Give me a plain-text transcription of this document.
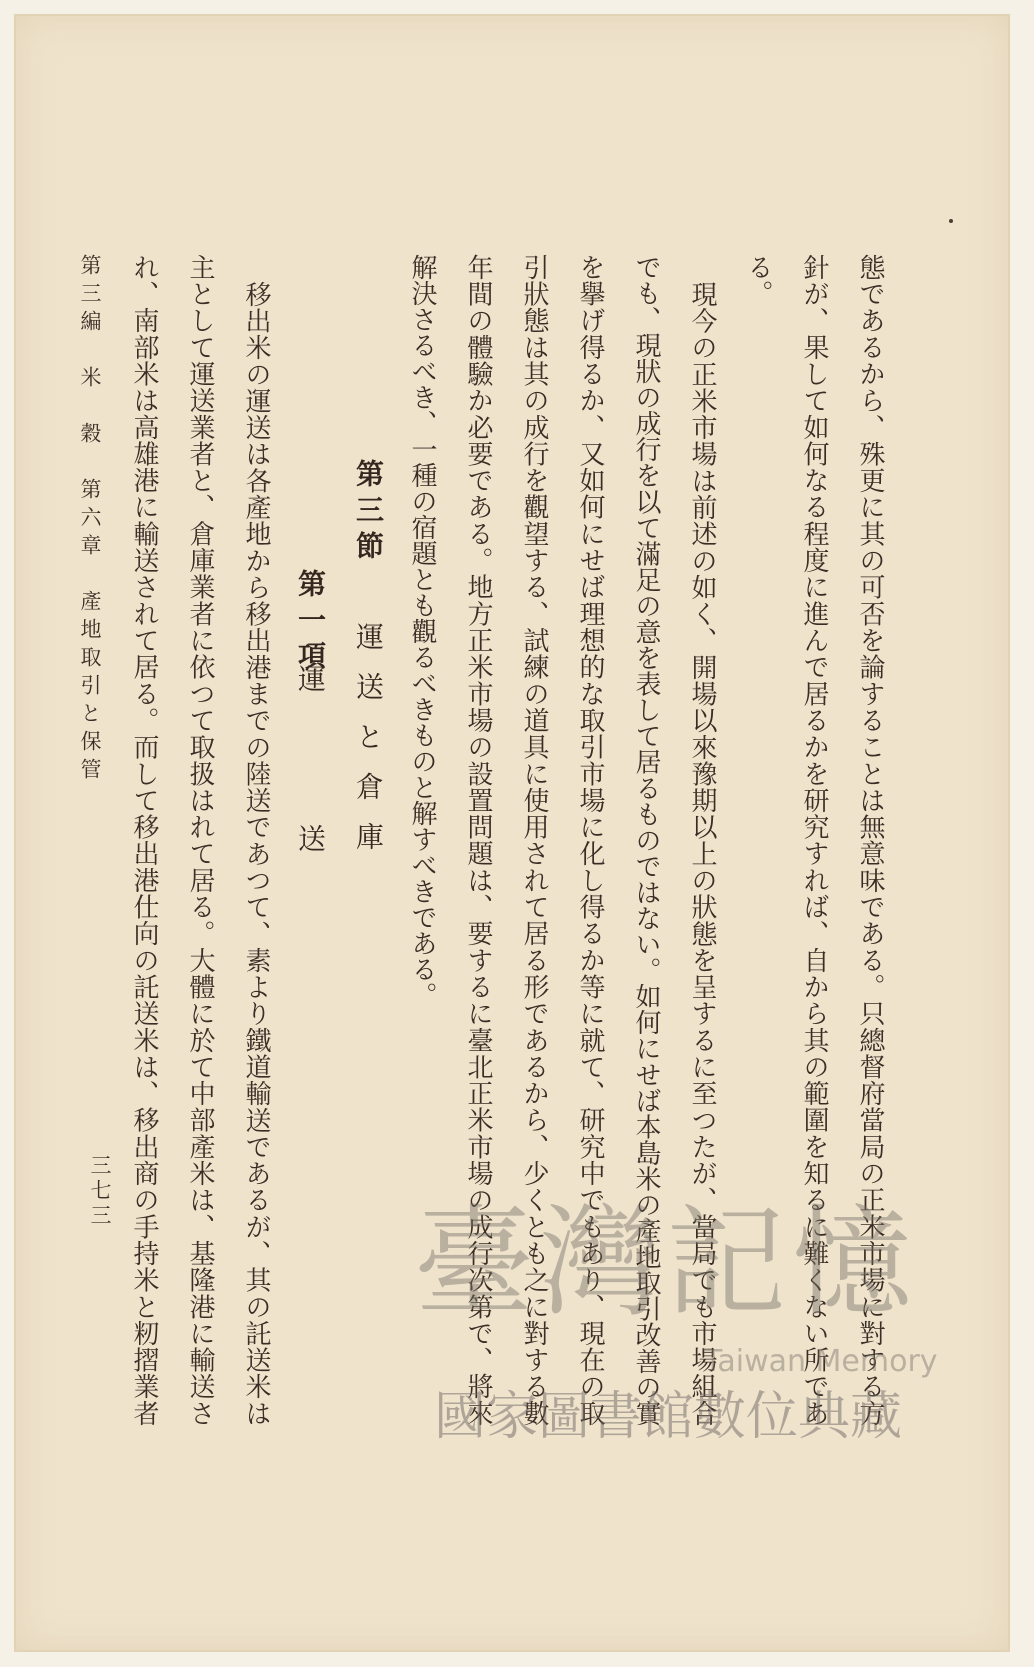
態であるから、殊更に其の可否を論することは無意味である。只總督府當局の正米市場に對する方
針が、果して如何なる程度に進んで居るかを研究すれば、自から其の範圍を知るに難くない所であ
る。
現今の正米市場は前述の如く、開場以來豫期以上の狀態を呈するに至つたが、當局でも市場組合
でも、現狀の成行を以て滿足の意を表して居るものではない。如何にせば本島米の產地取引改善の實
を擧げ得るか、又如何にせば理想的な取引市場に化し得るか等に就て、研究中でもあり、現在の取
引狀態は其の成行を觀望する、試練の道具に使用されて居る形であるから、少くとも之に對する數
年間の體驗か必要である。地方正米市場の設置問題は、要するに臺北正米市場の成行次第で、將來
解決さるべき、一種の宿題とも觀るべきものと解すべきである。
第三節
運送と倉庫
第一項
運送
移出米の運送は各產地から移出港までの陸送であつて、素より鐵道輸送であるが、其の託送米は
主として運送業者と、倉庫業者に依つて取扱はれて居る。大體に於て中部產米は、基隆港に輸送さ
れ、南部米は高雄港に輸送されて居る。而して移出港仕向の託送米は、移出商の手持米と籾摺業者
第三編　米　穀　第六章　產地取引と保管
三七三
臺灣記憶
Taiwan Memory
國家圖書館數位典藏
